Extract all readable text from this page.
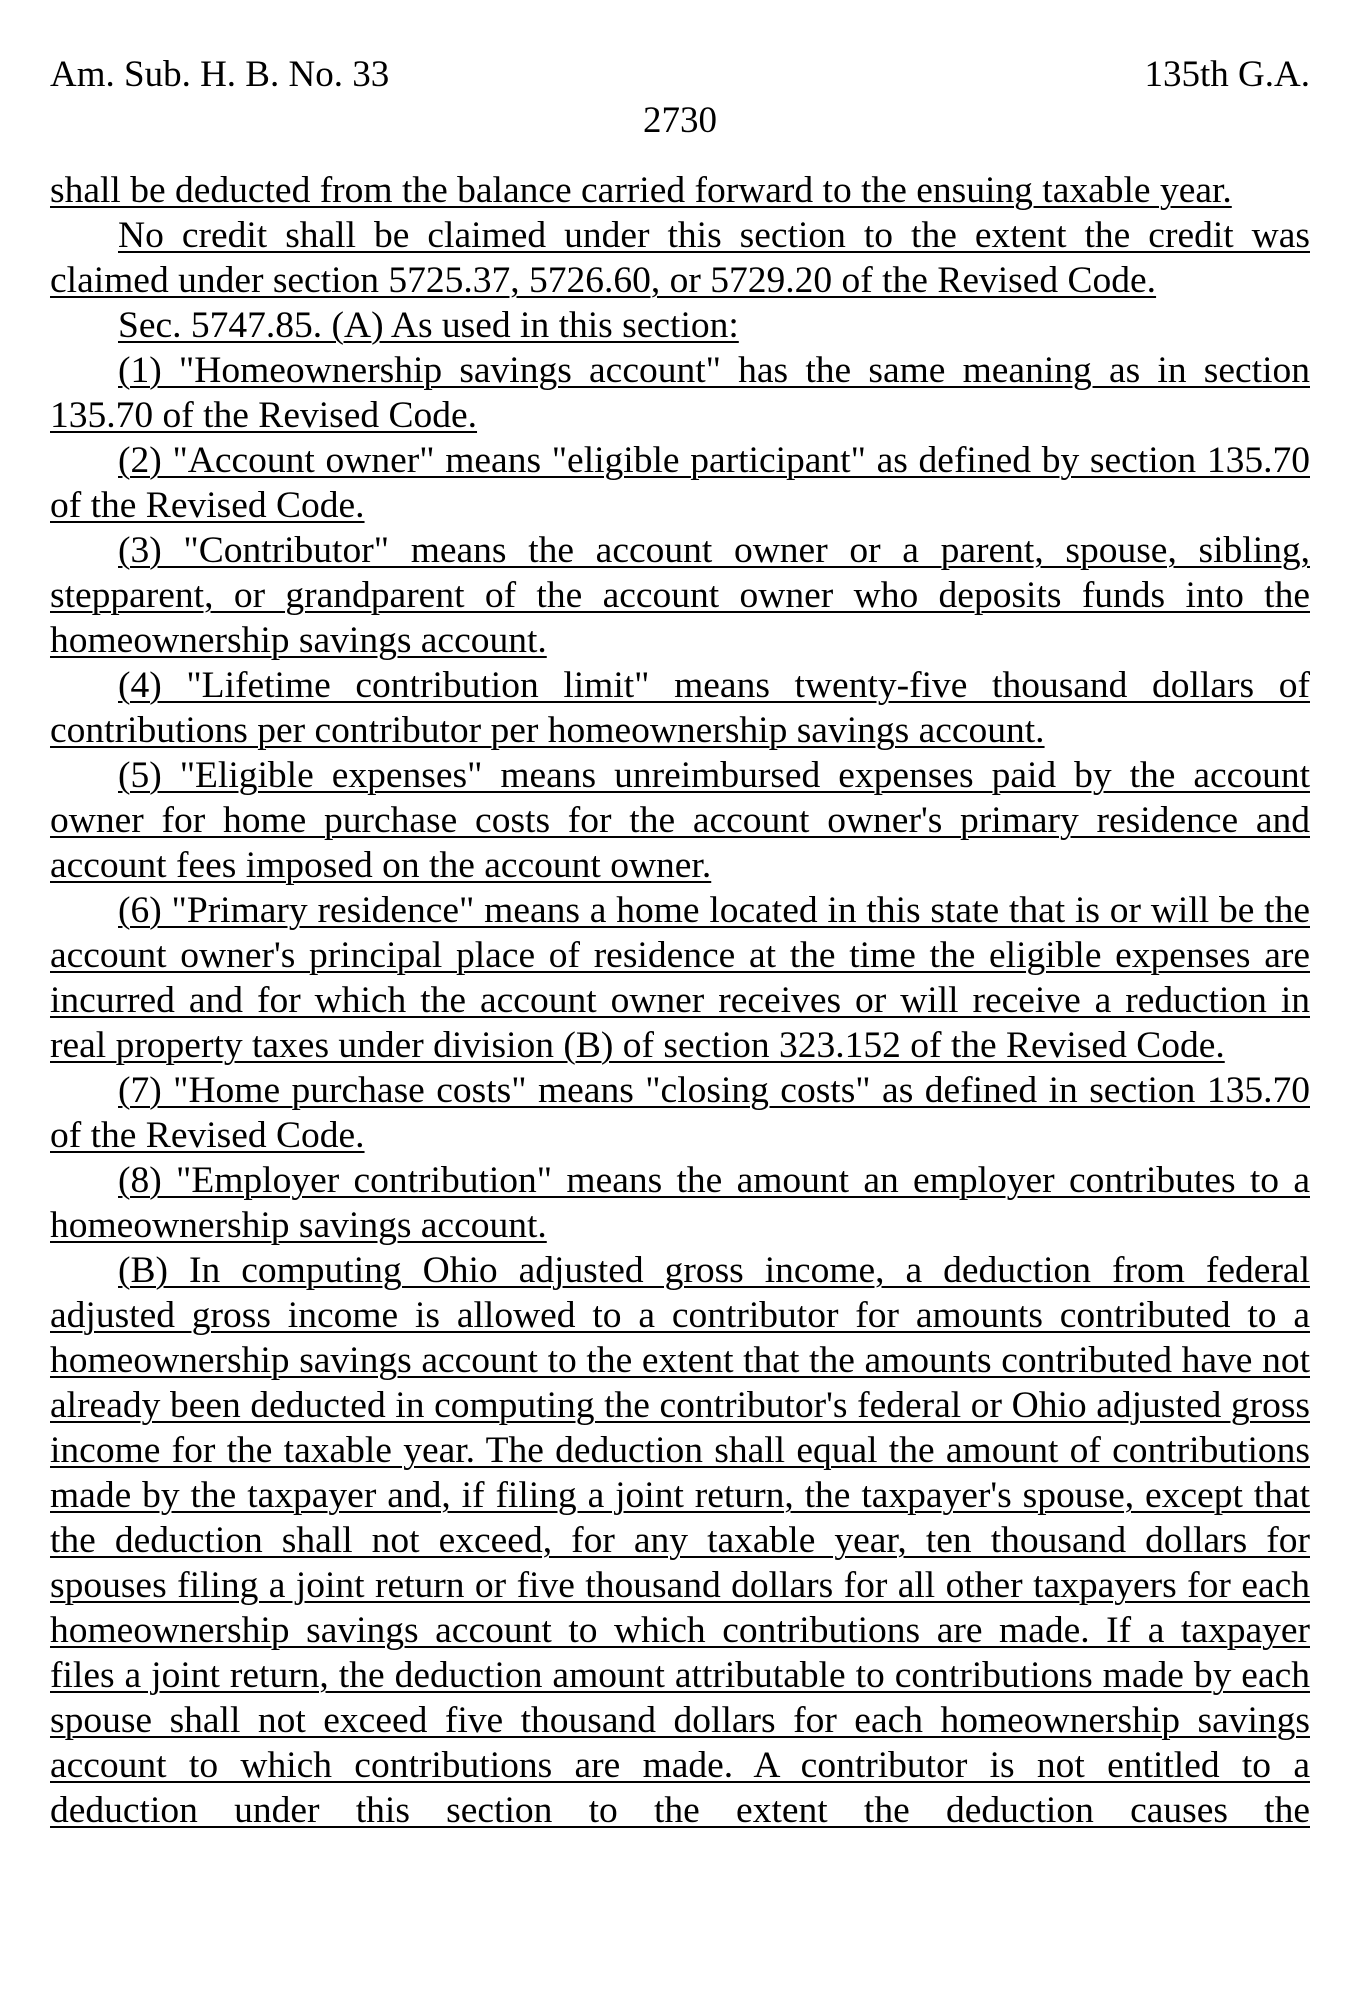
Am. Sub. H. B. No. 33	135th G.A.
2730

shall be deducted from the balance carried forward to the ensuing taxable year.

No credit shall be claimed under this section to the extent the credit was claimed under section 5725.37, 5726.60, or 5729.20 of the Revised Code.

Sec. 5747.85. (A) As used in this section:

(1) "Homeownership savings account" has the same meaning as in section 135.70 of the Revised Code.

(2) "Account owner" means "eligible participant" as defined by section 135.70 of the Revised Code.

(3) "Contributor" means the account owner or a parent, spouse, sibling, stepparent, or grandparent of the account owner who deposits funds into the homeownership savings account.

(4) "Lifetime contribution limit" means twenty-five thousand dollars of contributions per contributor per homeownership savings account.

(5) "Eligible expenses" means unreimbursed expenses paid by the account owner for home purchase costs for the account owner's primary residence and account fees imposed on the account owner.

(6) "Primary residence" means a home located in this state that is or will be the account owner's principal place of residence at the time the eligible expenses are incurred and for which the account owner receives or will receive a reduction in real property taxes under division (B) of section 323.152 of the Revised Code.

(7) "Home purchase costs" means "closing costs" as defined in section 135.70 of the Revised Code.

(8) "Employer contribution" means the amount an employer contributes to a homeownership savings account.

(B) In computing Ohio adjusted gross income, a deduction from federal adjusted gross income is allowed to a contributor for amounts contributed to a homeownership savings account to the extent that the amounts contributed have not already been deducted in computing the contributor's federal or Ohio adjusted gross income for the taxable year. The deduction shall equal the amount of contributions made by the taxpayer and, if filing a joint return, the taxpayer's spouse, except that the deduction shall not exceed, for any taxable year, ten thousand dollars for spouses filing a joint return or five thousand dollars for all other taxpayers for each homeownership savings account to which contributions are made. If a taxpayer files a joint return, the deduction amount attributable to contributions made by each spouse shall not exceed five thousand dollars for each homeownership savings account to which contributions are made. A contributor is not entitled to a deduction under this section to the extent the deduction causes the
